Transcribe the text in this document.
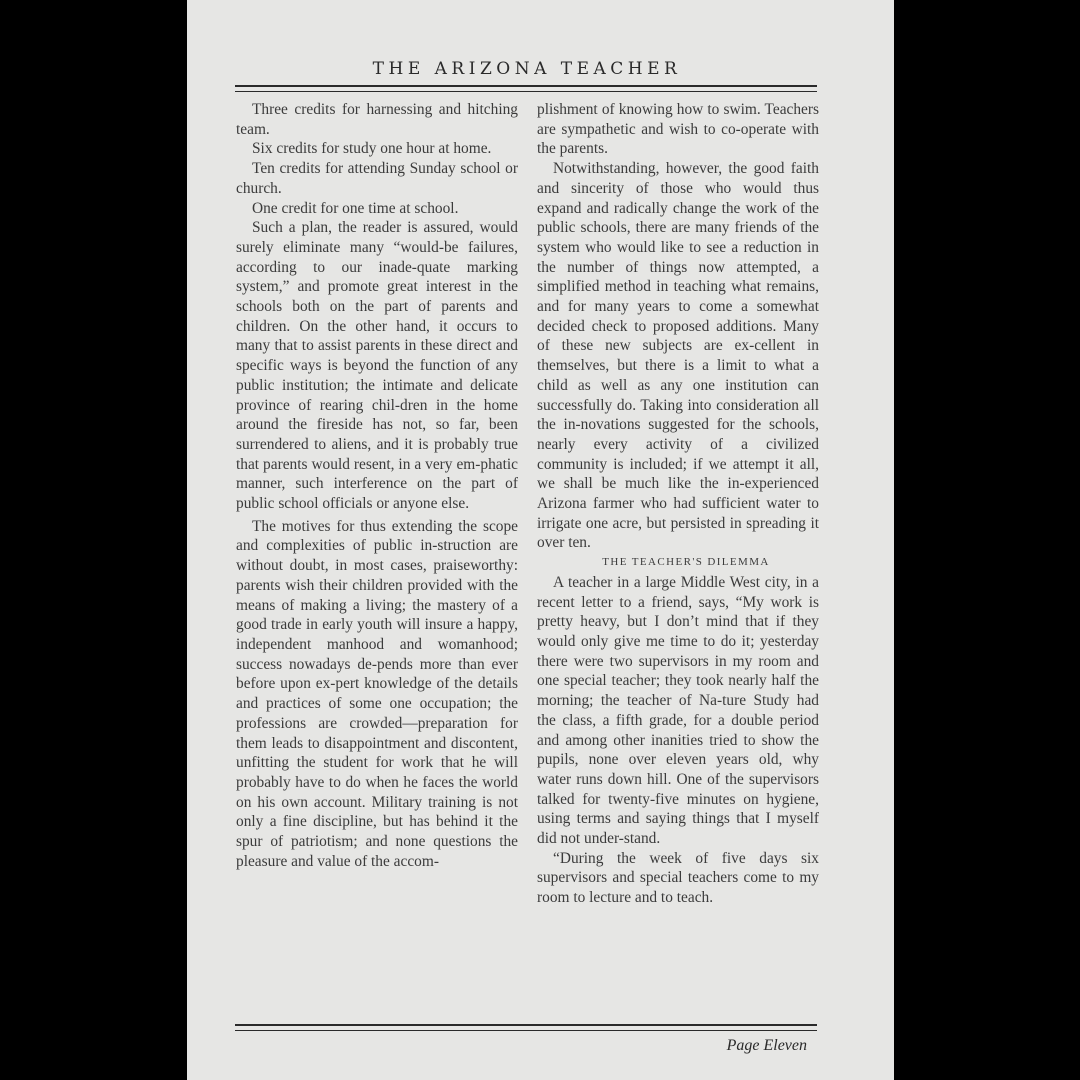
THE ARIZONA TEACHER

Three credits for harnessing and hitching team.

Six credits for study one hour at home.

Ten credits for attending Sunday school or church.

One credit for one time at school.

Such a plan, the reader is assured, would surely eliminate many “would-be failures, according to our inade-quate marking system,” and promote great interest in the schools both on the part of parents and children. On the other hand, it occurs to many that to assist parents in these direct and specific ways is beyond the function of any public institution; the intimate and delicate province of rearing chil-dren in the home around the fireside has not, so far, been surrendered to aliens, and it is probably true that parents would resent, in a very em-phatic manner, such interference on the part of public school officials or anyone else.

The motives for thus extending the scope and complexities of public in-struction are without doubt, in most cases, praiseworthy: parents wish their children provided with the means of making a living; the mastery of a good trade in early youth will insure a happy, independent manhood and womanhood; success nowadays de-pends more than ever before upon ex-pert knowledge of the details and practices of some one occupation; the professions are crowded—preparation for them leads to disappointment and discontent, unfitting the student for work that he will probably have to do when he faces the world on his own account. Military training is not only a fine discipline, but has behind it the spur of patriotism; and none questions the pleasure and value of the accom-

plishment of knowing how to swim. Teachers are sympathetic and wish to co-operate with the parents.

Notwithstanding, however, the good faith and sincerity of those who would thus expand and radically change the work of the public schools, there are many friends of the system who would like to see a reduction in the number of things now attempted, a simplified method in teaching what remains, and for many years to come a somewhat decided check to proposed additions. Many of these new subjects are ex-cellent in themselves, but there is a limit to what a child as well as any one institution can successfully do. Taking into consideration all the in-novations suggested for the schools, nearly every activity of a civilized community is included; if we attempt it all, we shall be much like the in-experienced Arizona farmer who had sufficient water to irrigate one acre, but persisted in spreading it over ten.

THE TEACHER'S DILEMMA

A teacher in a large Middle West city, in a recent letter to a friend, says, “My work is pretty heavy, but I don’t mind that if they would only give me time to do it; yesterday there were two supervisors in my room and one special teacher; they took nearly half the morning; the teacher of Na-ture Study had the class, a fifth grade, for a double period and among other inanities tried to show the pupils, none over eleven years old, why water runs down hill. One of the supervisors talked for twenty-five minutes on hygiene, using terms and saying things that I myself did not under-stand.

“During the week of five days six supervisors and special teachers come to my room to lecture and to teach.

Page Eleven
